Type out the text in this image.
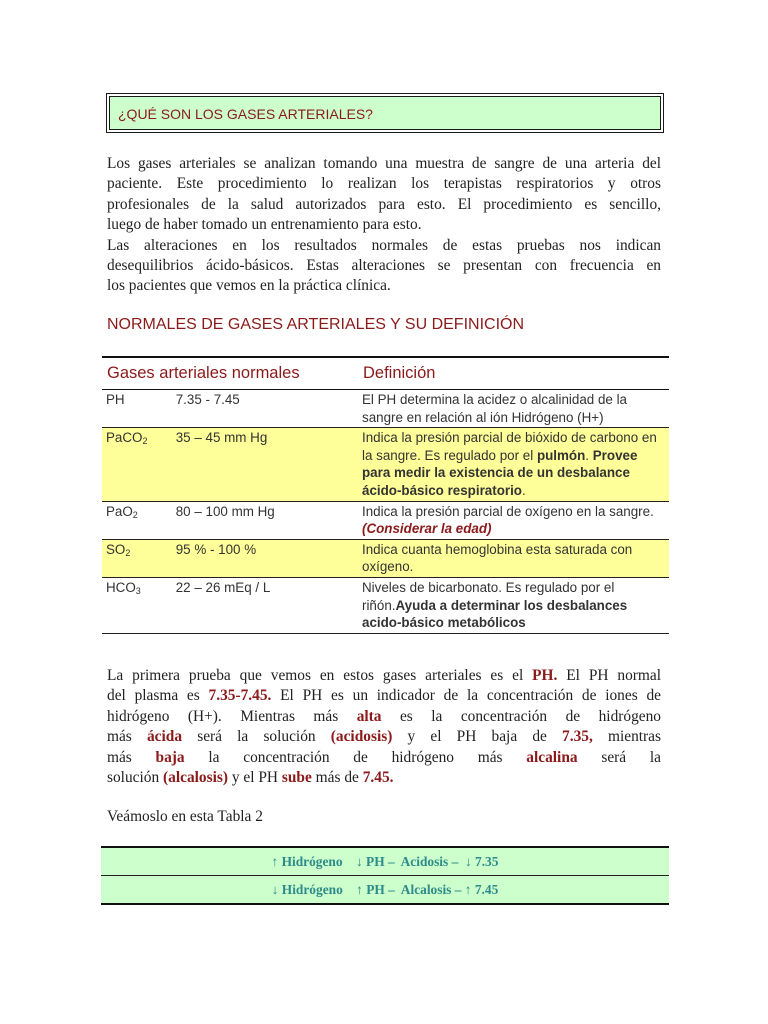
¿QUÉ SON LOS GASES ARTERIALES?
Los gases arteriales se analizan tomando una muestra de sangre de una arteria del
paciente. Este procedimiento lo realizan los terapistas respiratorios y otros
profesionales de la salud autorizados para esto. El procedimiento es sencillo,
luego de haber tomado un entrenamiento para esto.
Las alteraciones en los resultados normales de estas pruebas nos indican
desequilibrios ácido-básicos. Estas alteraciones se presentan con frecuencia en
los pacientes que vemos en la práctica clínica.
NORMALES DE GASES ARTERIALES Y SU DEFINICIÓN
Gases arteriales normales	Definición
PH 7.35 - 7.45	El PH determina la acidez o alcalinidad de la sangre en relación al ión Hidrógeno (H+)
PaCO$_2$ 35 – 45 mm Hg	Indica la presión parcial de bióxido de carbono en la sangre. Es regulado por el pulmón. Provee para medir la existencia de un desbalance ácido-básico respiratorio.
PaO$_2$ 80 – 100 mm Hg	Indica la presión parcial de oxígeno en la sangre.(Considerar la edad)
$SO_2$ 95 % - 100 %	Indica cuanta hemoglobina esta saturada con oxígeno.
$HCO_3$ 22 – 26 mEq / L	Niveles de bicarbonato. Es regulado por el riñón.Ayuda a determinar los desbalances acido-básico metabólicos
La primera prueba que vemos en estos gases arteriales es el PH. El PH normal
del plasma es 7.35-7.45. El PH es un indicador de la concentración de iones de
hidrógeno (H+). Mientras más alta es la concentración de hidrógeno
más ácida será la solución (acidosis) y el PH baja de 7.35, mientras
más baja la concentración de hidrógeno más alcalina será la
solución (alcalosis) y el PH sube más de 7.45.
Veámoslo en esta Tabla 2
↑ Hidrógeno    ↓ PH –  Acidosis –  ↓ 7.35
↓ Hidrógeno    ↑ PH –  Alcalosis – ↑ 7.45
